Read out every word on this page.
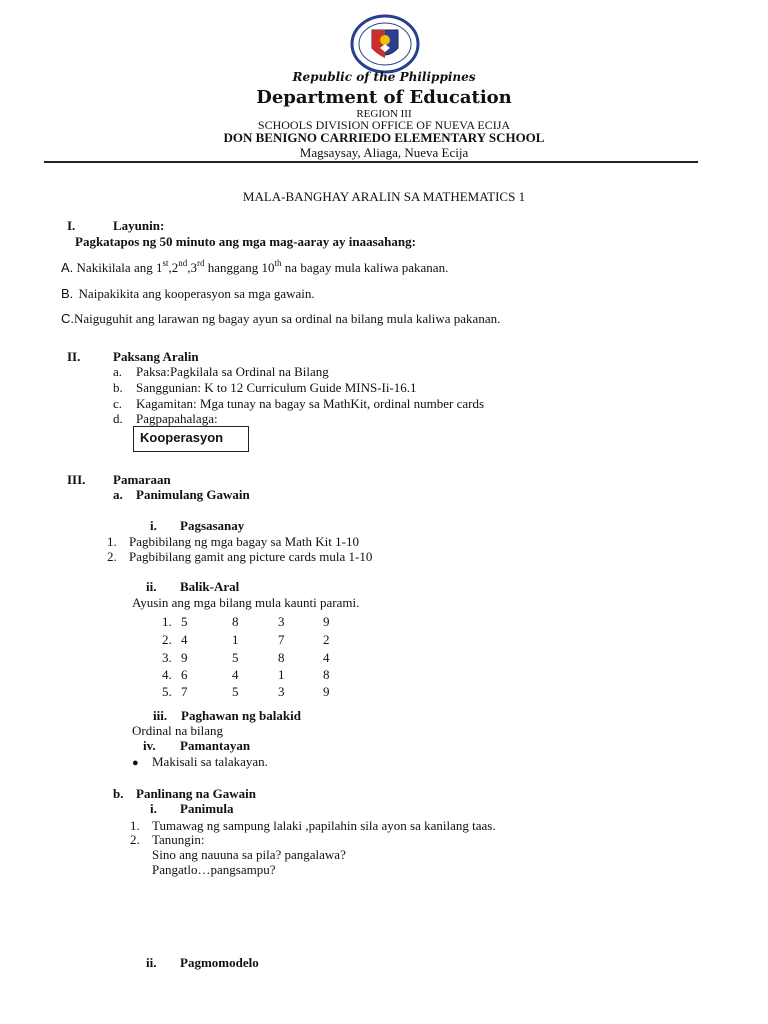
Republic of the Philippines
Department of Education
REGION III
SCHOOLS DIVISION OFFICE OF NUEVA ECIJA
DON BENIGNO CARRIEDO ELEMENTARY SCHOOL
Magsaysay, Aliaga, Nueva Ecija
MALA-BANGHAY ARALIN SA MATHEMATICS 1
I.	Layunin:
Pagkatapos ng 50 minuto ang mga mag-aaray ay inaasahang:
A. Nakikilala ang 1st,2nd,3rd hanggang 10th na bagay mula kaliwa pakanan.
B. Naipakikita ang kooperasyon sa mga gawain.
C.Naiguguhit ang larawan ng bagay ayun sa ordinal na bilang mula kaliwa pakanan.
II.	Paksang Aralin
a. Paksa:Pagkilala sa Ordinal na Bilang
b. Sanggunian: K to 12 Curriculum Guide MINS-Ii-16.1
c. Kagamitan: Mga tunay na bagay sa MathKit, ordinal number cards
d. Pagpapahalaga:
Kooperasyon
III. Pamaraan
a. Panimulang Gawain
i. Pagsasanay
1. Pagbibilang ng mga bagay sa Math Kit 1-10
2. Pagbibilang gamit ang picture cards mula 1-10
ii. Balik-Aral
Ayusin ang mga bilang mula kaunti parami.
1. 5	8	3	9
2. 4	1	7	2
3. 9	5	8	4
4. 6	4	1	8
5. 7	5	3	9
iii. Paghawan ng balakid
Ordinal na bilang
iv. Pamantayan
● Makisali sa talakayan.
b. Panlinang na Gawain
i. Panimula
1. Tumawag ng sampung lalaki ,papilahin sila ayon sa kanilang taas.
2. Tanungin:
Sino ang nauuna sa pila? pangalawa?
Pangatlo…pangsampu?
ii. Pagmomodelo
